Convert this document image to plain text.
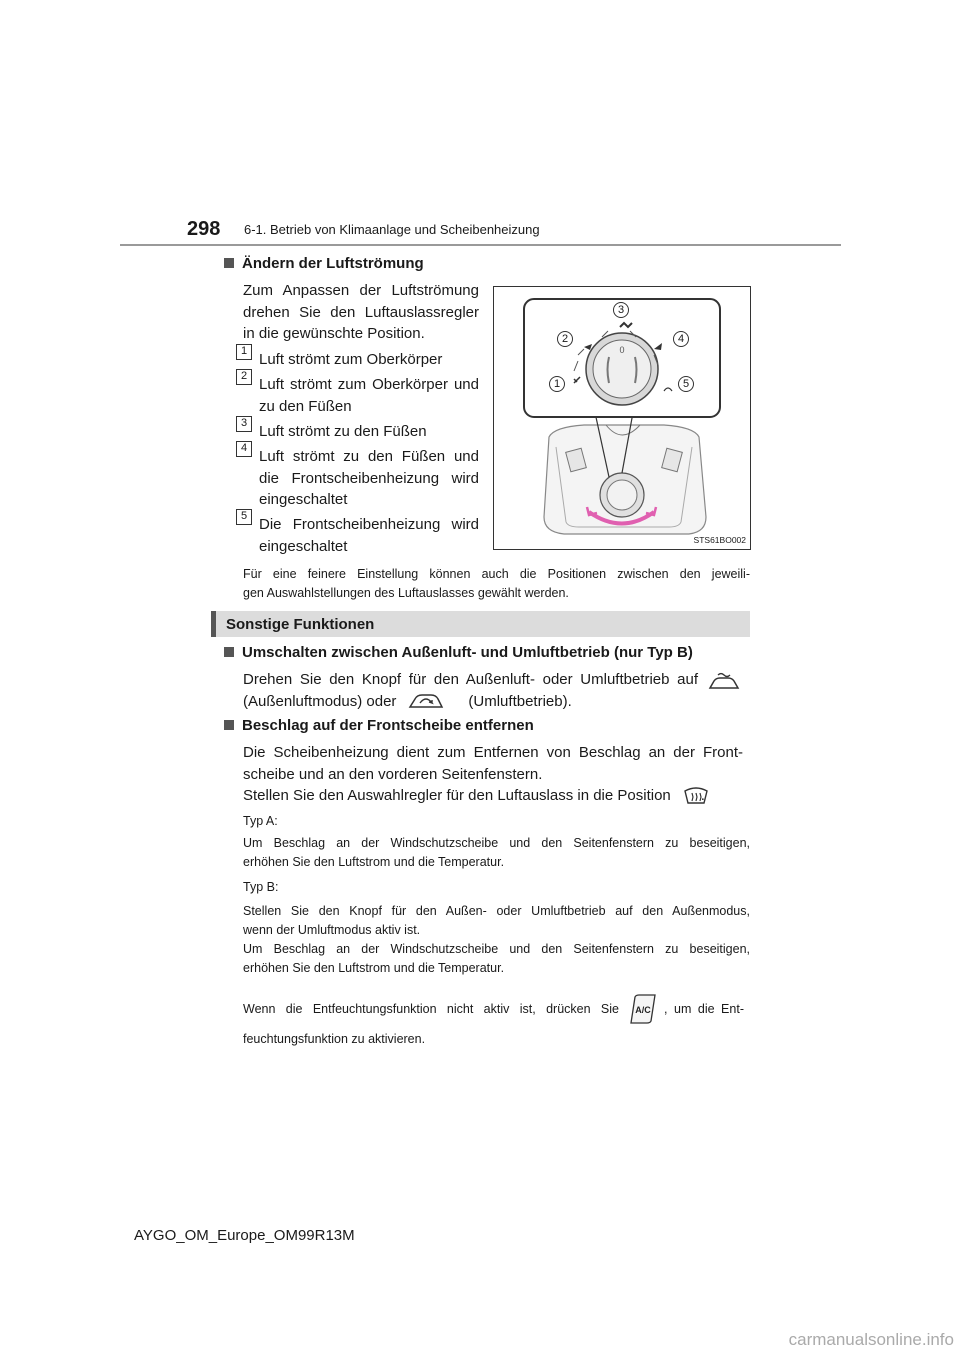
298 6-1. Betrieb von Klimaanlage und Scheibenheizung
Ändern der Luftströmung
Zum Anpassen der Luftströmung
drehen Sie den Luftauslassregler
in die gewünschte Position.
1 Luft strömt zum Oberkörper
2 Luft strömt zum Oberkörper und
zu den Füßen
3 Luft strömt zu den Füßen
4 Luft strömt zu den Füßen und
die Frontscheibenheizung wird
eingeschaltet
5 Die Frontscheibenheizung wird
eingeschaltet
0
3
2	4
1	5
STS61BO002
Für eine feinere Einstellung können auch die Positionen zwischen den jeweili-
gen Auswahlstellungen des Luftauslasses gewählt werden.
Sonstige Funktionen
Umschalten zwischen Außenluft- und Umluftbetrieb (nur Typ B)
Drehen Sie den Knopf für den Außenluft- oder Umluftbetrieb auf
(Außenluftmodus) oder	(Umluftbetrieb).
Beschlag auf der Frontscheibe entfernen
Die Scheibenheizung dient zum Entfernen von Beschlag an der Front-
scheibe und an den vorderen Seitenfenstern.
Stellen Sie den Auswahlregler für den Luftauslass in die Position .
Typ A:
Um Beschlag an der Windschutzscheibe und den Seitenfenstern zu beseitigen,
erhöhen Sie den Luftstrom und die Temperatur.
Typ B:
Stellen Sie den Knopf für den Außen- oder Umluftbetrieb auf den Außenmodus,
wenn der Umluftmodus aktiv ist.
Um Beschlag an der Windschutzscheibe und den Seitenfenstern zu beseitigen,
erhöhen Sie den Luftstrom und die Temperatur.
Wenn die Entfeuchtungsfunktion nicht aktiv ist, drücken Sie A/C , um die Ent-
feuchtungsfunktion zu aktivieren.
AYGO_OM_Europe_OM99R13M
carmanualsonline.info
